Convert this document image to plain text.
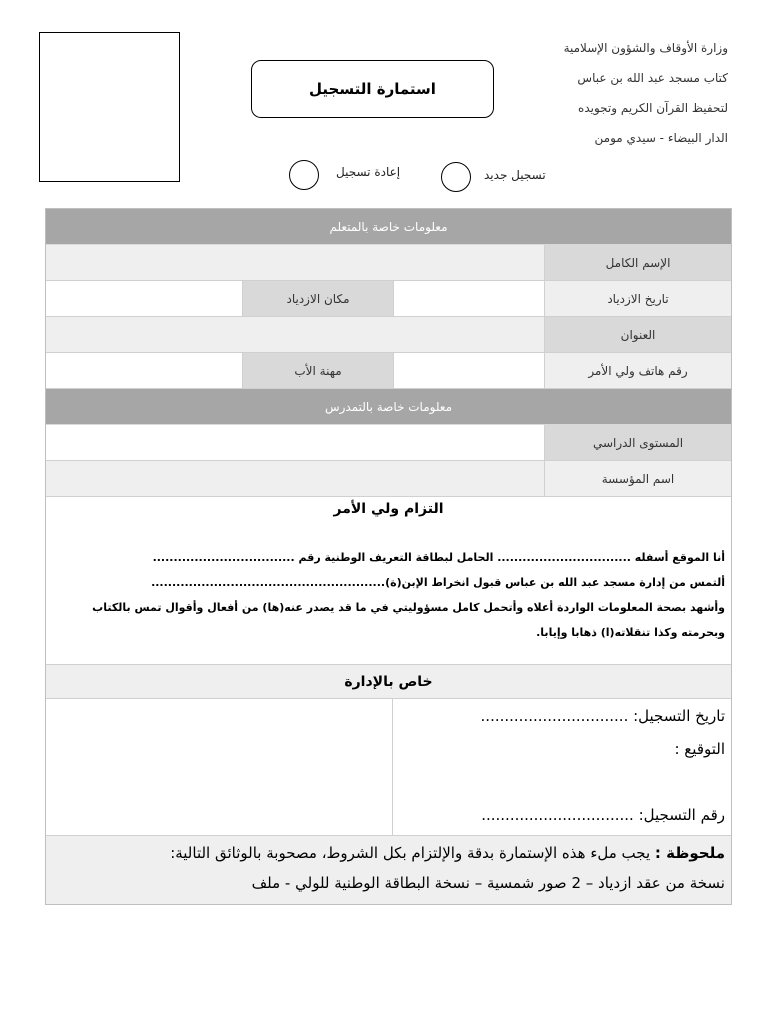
استمارة التسجيل
وزارة الأوقاف والشؤون الإسلامية
كتاب مسجد عبد الله بن عباس
لتحفيظ القرآن الكريم وتجويده
الدار البيضاء - سيدي مومن
تسجيل جديد
إعادة تسجيل
معلومات خاصة بالمتعلم
الإسم الكامل
تاريخ الازدياد
مكان الازدياد
العنوان
رقم هاتف ولي الأمر
مهنة الأب
معلومات خاصة بالتمدرس
المستوى الدراسي
اسم المؤسسة
التزام ولي الأمر
أنا الموقع أسفله ................................ الحامل لبطاقة التعريف الوطنية رقم ..................................
ألتمس من إدارة مسجد عبد الله بن عباس قبول انخراط الإبن(ة)........................................................
وأشهد بصحة المعلومات الواردة أعلاه وأتحمل كامل مسؤوليتي في ما قد يصدر عنه(ها) من أفعال وأقوال تمس بالكتاب وبحرمته وكذا تنقلاته(ا) ذهابا وإيابا.
خاص بالإدارة
تاريخ التسجيل: ...............................
التوقيع :
رقم التسجيل: ................................
ملحوظة : يجب ملء هذه الإستمارة بدقة والإلتزام بكل الشروط، مصحوبة بالوثائق التالية:
نسخة من عقد ازدياد – 2 صور شمسية – نسخة البطاقة الوطنية للولي - ملف
